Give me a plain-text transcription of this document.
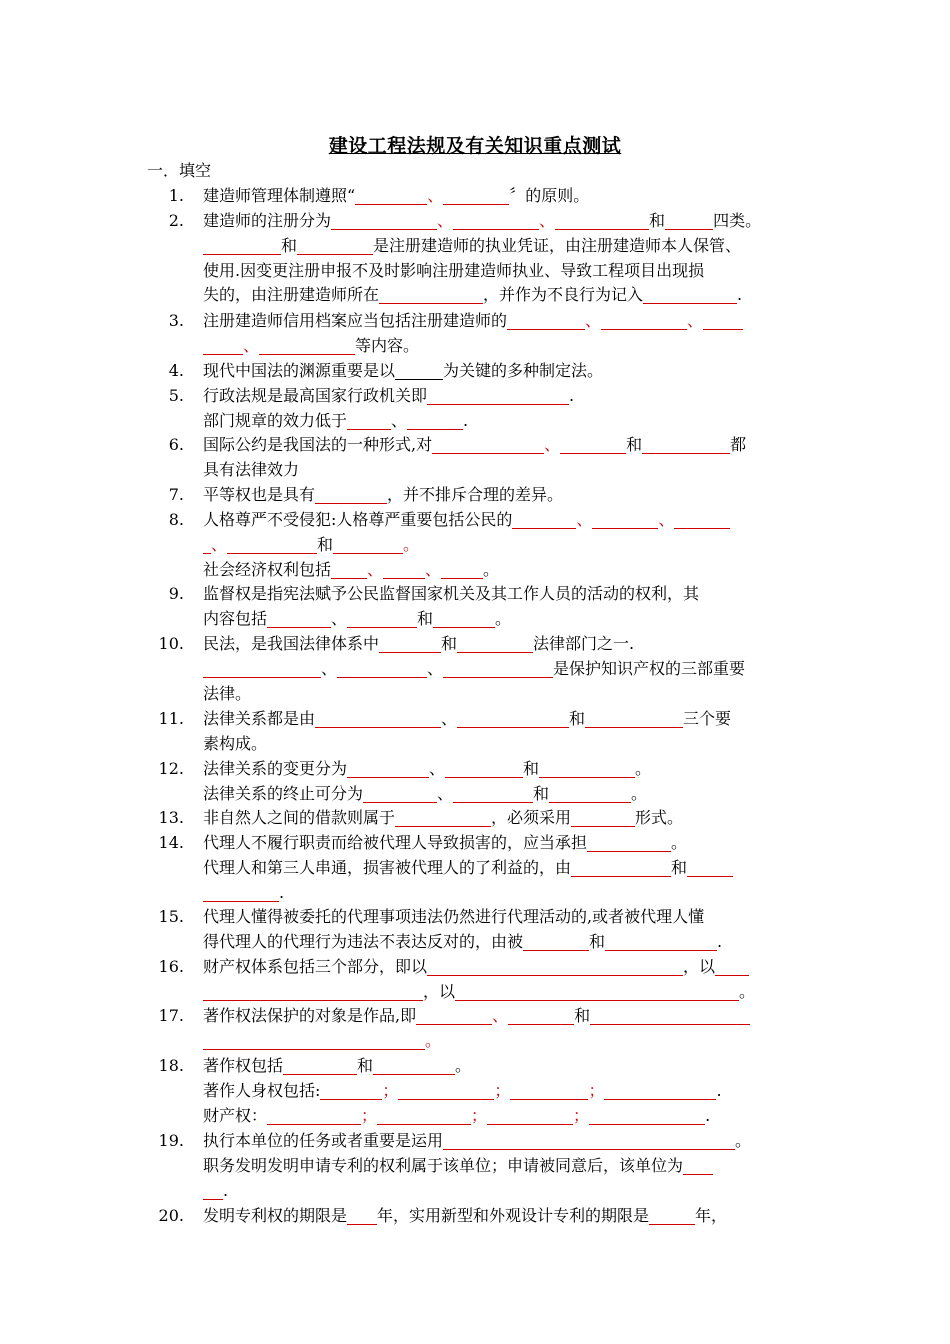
建设工程法规及有关知识重点测试
一．填空
1. 建造师管理体制遵照“	、	〞的原则。
2. 建造师的注册分为	、	、	和	四类。
和	是注册建造师的执业凭证，由注册建造师本人保管、
使用.因变更注册申报不及时影响注册建造师执业、导致工程项目出现损
失的，由注册建造师所在	，并作为不良行为记入	.
3. 注册建造师信用档案应当包括注册建造师的	、	、
、	等内容。
4. 现代中国法的渊源重要是以	为关键的多种制定法。
5. 行政法规是最高国家行政机关即	.
部门规章的效力低于	、	.
6. 国际公约是我国法的一种形式,对	、	和	都
具有法律效力
7. 平等权也是具有	，并不排斥合理的差异。
8. 人格尊严不受侵犯:人格尊严重要包括公民的	、	、
、	和	。
社会经济权利包括 、	、	。
9. 监督权是指宪法赋予公民监督国家机关及其工作人员的活动的权利，其
内容包括	、	和	。
10. 民法，是我国法律体系中	和	法律部门之一.
、	、	是保护知识产权的三部重要
法律。
11. 法律关系都是由	、	和	三个要
素构成。
12. 法律关系的变更分为	、	和	。
法律关系的终止可分为	、	和	。
13. 非自然人之间的借款则属于	，必须采用	形式。
14. 代理人不履行职责而给被代理人导致损害的，应当承担	。
代理人和第三人串通，损害被代理人的了利益的，由	和
.
15. 代理人懂得被委托的代理事项违法仍然进行代理活动的,或者被代理人懂
得代理人的代理行为违法不表达反对的，由被	和	.
16. 财产权体系包括三个部分，即以	，以
，以	。
17. 著作权法保护的对象是作品,即	、	和
。
18. 著作权包括	和	。
著作人身权包括:	；	；	；	.
财产权：	；	；	；	.
19. 执行本单位的任务或者重要是运用	。
职务发明发明申请专利的权利属于该单位；申请被同意后，该单位为
.
20. 发明专利权的期限是 年，实用新型和外观设计专利的期限是	年，
